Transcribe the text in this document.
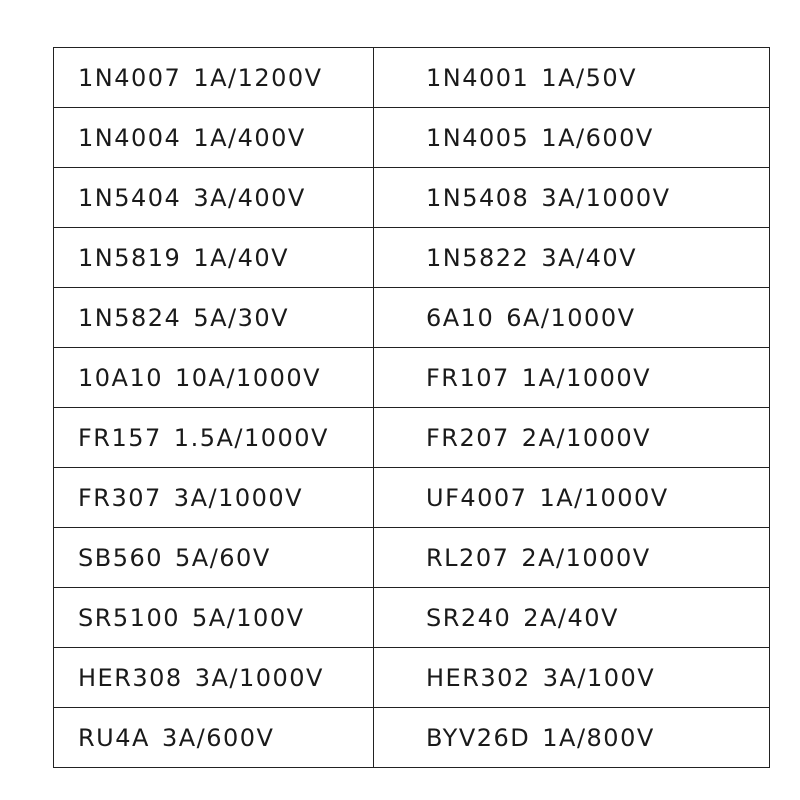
1N4007 1A/1200V	1N4001 1A/50V
1N4004 1A/400V	1N4005 1A/600V
1N5404 3A/400V	1N5408 3A/1000V
1N5819 1A/40V	1N5822 3A/40V
1N5824 5A/30V	6A10 6A/1000V
10A10 10A/1000V	FR107 1A/1000V
FR157 1.5A/1000V	FR207 2A/1000V
FR307 3A/1000V	UF4007 1A/1000V
SB560 5A/60V	RL207 2A/1000V
SR5100 5A/100V	SR240 2A/40V
HER308 3A/1000V	HER302 3A/100V
RU4A 3A/600V	BYV26D 1A/800V
